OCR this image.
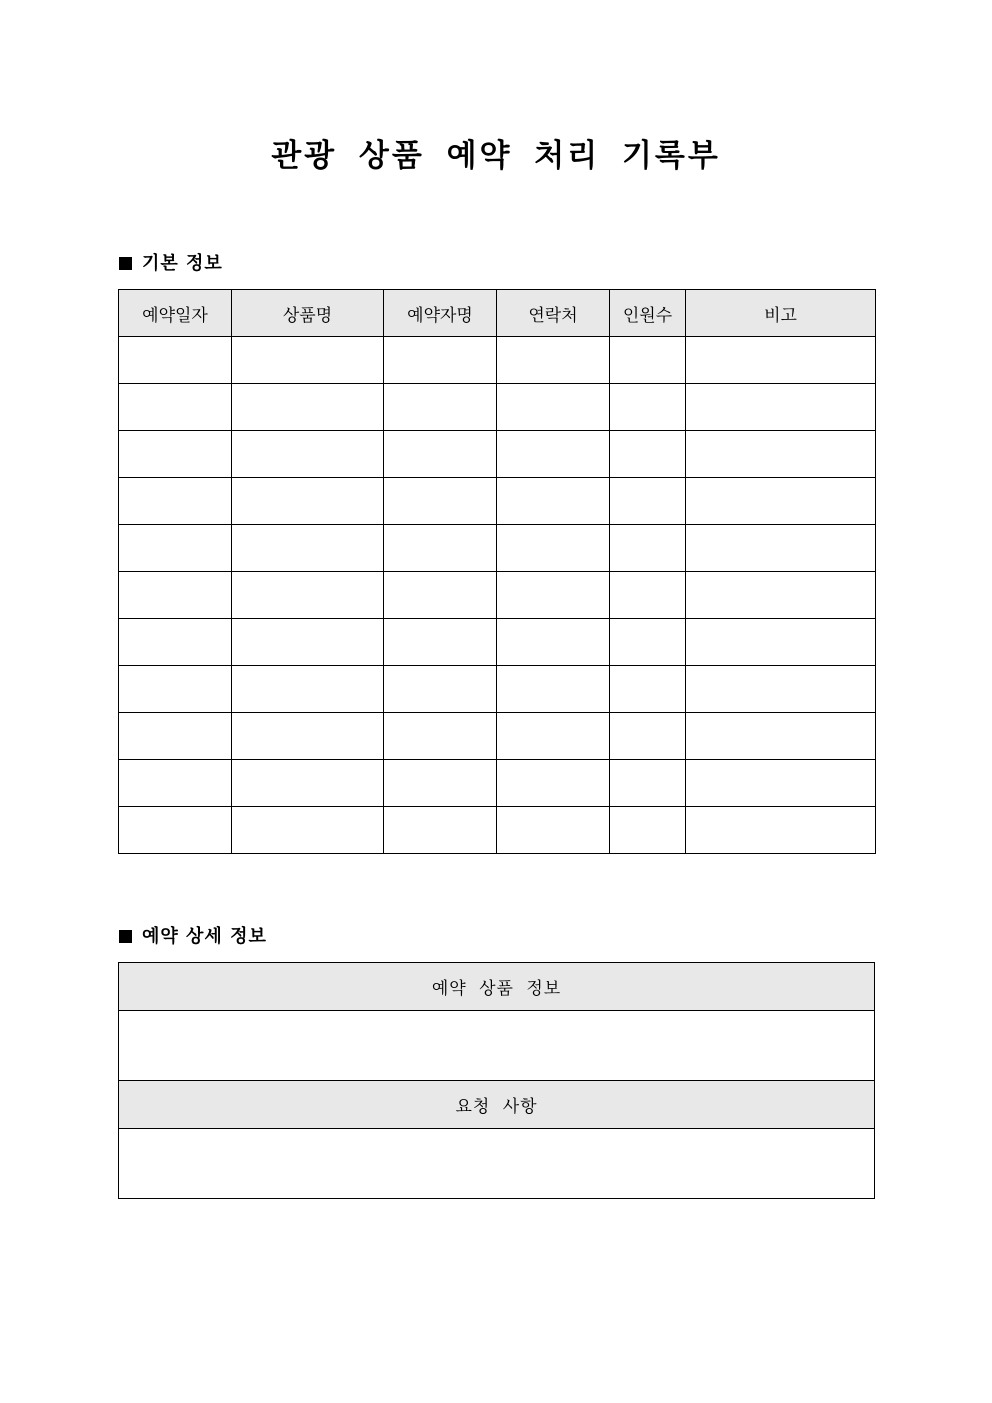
관광 상품 예약 처리 기록부
기본 정보
예약일자	상품명	예약자명	연락처	인원수	비고

예약 상세 정보
예약 상품 정보

요청 사항
